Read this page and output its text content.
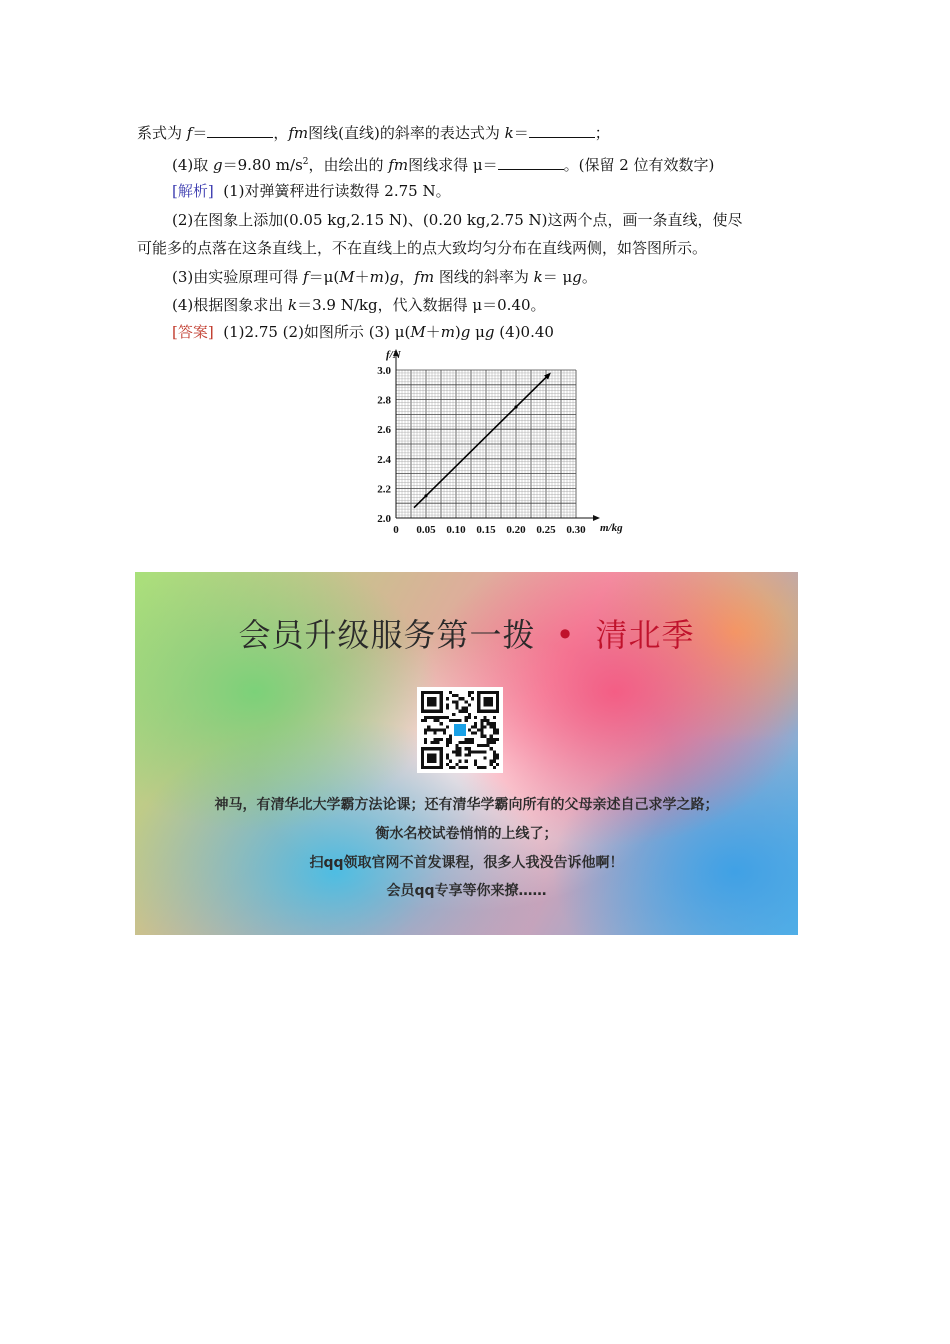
系式为 f＝	，fm图线(直线)的斜率的表达式为 k＝	；
(4)取 g＝9.80 $m/s^2$，由绘出的 fm图线求得 μ＝	。(保留 2 位有效数字)
[解析] (1)对弹簧秤进行读数得 2.75 N。
(2)在图象上添加(0.05 kg,2.15 N)、(0.20 kg,2.75 N)这两个点，画一条直线，使尽
可能多的点落在这条直线上，不在直线上的点大致均匀分布在直线两侧，如答图所示。
(3)由实验原理可得 f＝μ(M＋m)g，fm 图线的斜率为 k＝ μg。
(4)根据图象求出 k＝3.9 N/kg，代入数据得 μ＝0.40。
[答案] (1)2.75 (2)如图所示 (3) μ(M＋m)g μg (4)0.40
0 0.05 0.10 0.15 0.20 0.25 0.30
2.0
2.2
2.4
2.6
2.8
3.0
f/N
m/kg
会员升级服务第一拨 • 清北季
神马，有清华北大学霸方法论课；还有清华学霸向所有的父母亲述自己求学之路；
衡水名校试卷悄悄的上线了；
扫qq领取官网不首发课程，很多人我没告诉他啊！
会员qq专享等你来撩……
